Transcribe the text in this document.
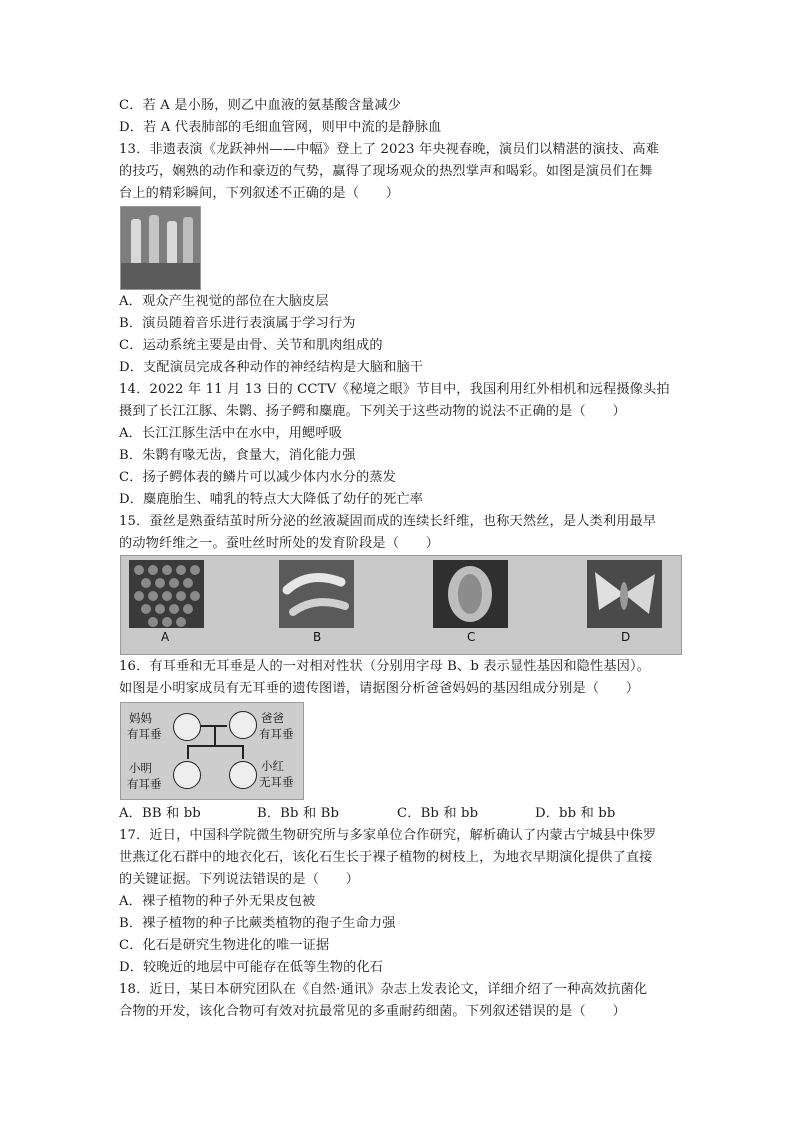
C．若 A 是小肠，则乙中血液的氨基酸含量减少
D．若 A 代表肺部的毛细血管网，则甲中流的是静脉血
13．非遗表演《龙跃神州——中幅》登上了 2023 年央视春晚，演员们以精湛的演技、高难
的技巧，娴熟的动作和豪迈的气势，赢得了现场观众的热烈掌声和喝彩。如图是演员们在舞
台上的精彩瞬间，下列叙述不正确的是（　　）
A．观众产生视觉的部位在大脑皮层
B．演员随着音乐进行表演属于学习行为
C．运动系统主要是由骨、关节和肌肉组成的
D．支配演员完成各种动作的神经结构是大脑和脑干
14．2022 年 11 月 13 日的 CCTV《秘境之眼》节目中，我国利用红外相机和远程摄像头拍
摄到了长江江豚、朱鹮、扬子鳄和麋鹿。下列关于这些动物的说法不正确的是（　　）
A．长江江豚生活中在水中，用鳃呼吸
B．朱鹮有喙无齿，食量大，消化能力强
C．扬子鳄体表的鳞片可以减少体内水分的蒸发
D．麋鹿胎生、哺乳的特点大大降低了幼仔的死亡率
15．蚕丝是熟蚕结茧时所分泌的丝液凝固而成的连续长纤维，也称天然丝，是人类利用最早
的动物纤维之一。蚕吐丝时所处的发育阶段是（　　）
A	B	C	D
16．有耳垂和无耳垂是人的一对相对性状（分别用字母 B、b 表示显性基因和隐性基因）。
如图是小明家成员有无耳垂的遗传图谱，请据图分析爸爸妈妈的基因组成分别是（　　）
妈妈
有耳垂
爸爸
有耳垂
小明
有耳垂
小红
无耳垂
A．BB 和 bb	B．Bb 和 Bb	C．Bb 和 bb	D．bb 和 bb
17．近日，中国科学院微生物研究所与多家单位合作研究，解析确认了内蒙古宁城县中侏罗
世燕辽化石群中的地衣化石，该化石生长于裸子植物的树枝上，为地衣早期演化提供了直接
的关键证据。下列说法错误的是（　　）
A．裸子植物的种子外无果皮包被
B．裸子植物的种子比蕨类植物的孢子生命力强
C．化石是研究生物进化的唯一证据
D．较晚近的地层中可能存在低等生物的化石
18．近日，某日本研究团队在《自然·通讯》杂志上发表论文，详细介绍了一种高效抗菌化
合物的开发，该化合物可有效对抗最常见的多重耐药细菌。下列叙述错误的是（　　）
